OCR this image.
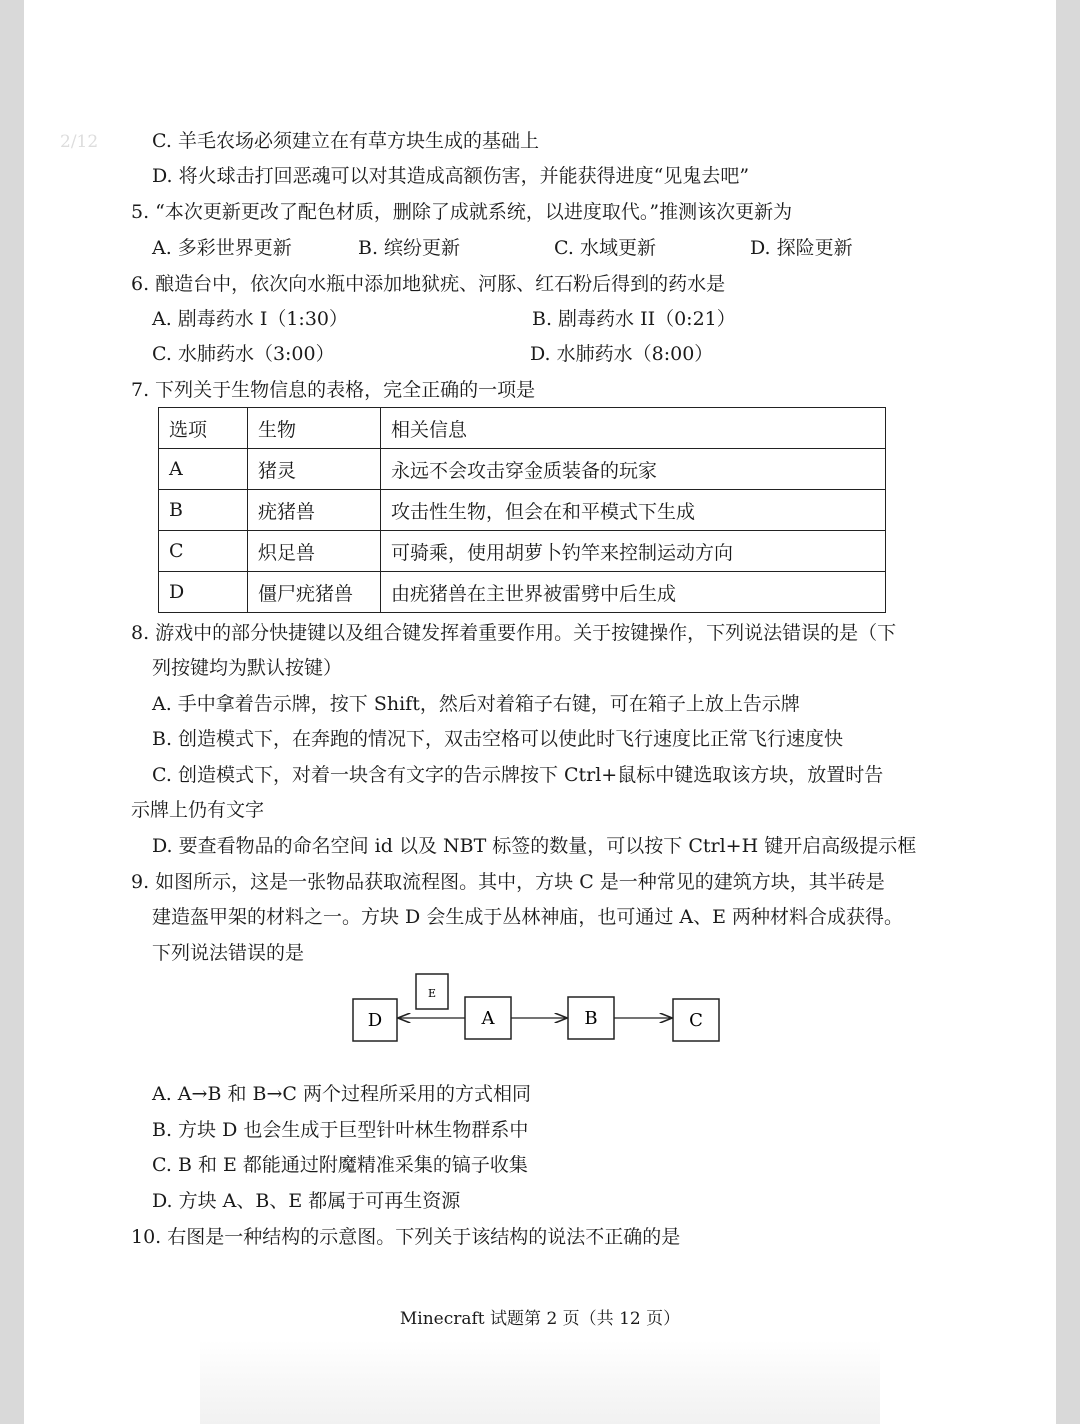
2/12	C. 羊毛农场必须建立在有草方块生成的基础上
D. 将火球击打回恶魂可以对其造成高额伤害，并能获得进度“见鬼去吧”
5. “本次更新更改了配色材质，删除了成就系统，以进度取代。”推测该次更新为
A. 多彩世界更新	B. 缤纷更新	C. 水域更新	D. 探险更新
6. 酿造台中，依次向水瓶中添加地狱疣、河豚、红石粉后得到的药水是
A. 剧毒药水 I（1:30）	B. 剧毒药水 II（0:21）
C. 水肺药水（3:00）	D. 水肺药水（8:00）
7. 下列关于生物信息的表格，完全正确的一项是
选项	生物	相关信息
A	猪灵	永远不会攻击穿金质装备的玩家
B	疣猪兽	攻击性生物，但会在和平模式下生成
C	炽足兽	可骑乘，使用胡萝卜钓竿来控制运动方向
D	僵尸疣猪兽	由疣猪兽在主世界被雷劈中后生成
8. 游戏中的部分快捷键以及组合键发挥着重要作用。关于按键操作，下列说法错误的是（下
列按键均为默认按键）
A. 手中拿着告示牌，按下 Shift，然后对着箱子右键，可在箱子上放上告示牌
B. 创造模式下，在奔跑的情况下，双击空格可以使此时飞行速度比正常飞行速度快
C. 创造模式下，对着一块含有文字的告示牌按下 Ctrl+鼠标中键选取该方块，放置时告
示牌上仍有文字
D. 要查看物品的命名空间 id 以及 NBT 标签的数量，可以按下 Ctrl+H 键开启高级提示框
9. 如图所示，这是一张物品获取流程图。其中，方块 C 是一种常见的建筑方块，其半砖是
建造盔甲架的材料之一。方块 D 会生成于丛林神庙，也可通过 A、E 两种材料合成获得。
下列说法错误的是
D
E
A	B	C
A. A→B 和 B→C 两个过程所采用的方式相同
B. 方块 D 也会生成于巨型针叶林生物群系中
C. B 和 E 都能通过附魔精准采集的镐子收集
D. 方块 A、B、E 都属于可再生资源
10. 右图是一种结构的示意图。下列关于该结构的说法不正确的是
Minecraft 试题第 2 页（共 12 页）
